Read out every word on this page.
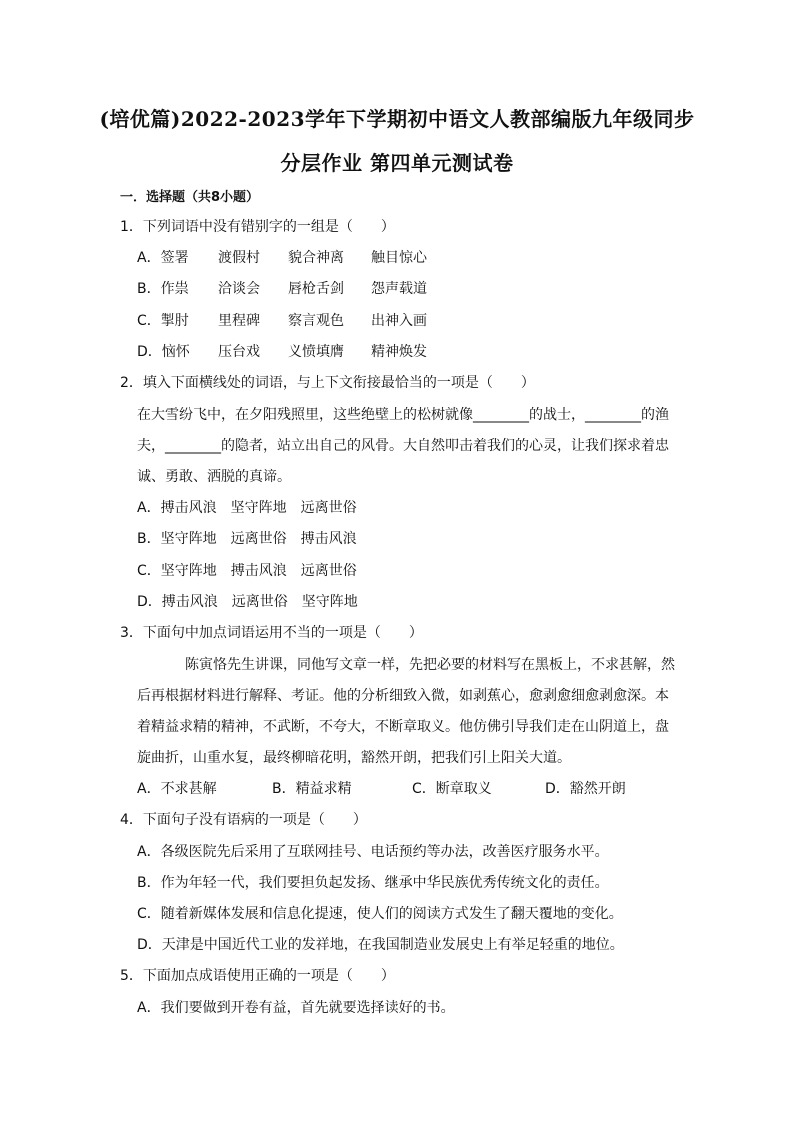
(培优篇)2022-2023学年下学期初中语文人教部编版九年级同步
分层作业 第四单元测试卷
一．选择题（共8小题）
1．下列词语中没有错别字的一组是（　　）
A．签署 渡假村 貌合神离 触目惊心
B．作祟 洽谈会 唇枪舌剑 怨声载道
C．掣肘 里程碑 察言观色 出神入画
D．恼怀 压台戏 义愤填膺 精神焕发
2．填入下面横线处的词语，与上下文衔接最恰当的一项是（　　）
在大雪纷飞中，在夕阳残照里，这些绝壁上的松树就像________的战士，________的渔
夫，________的隐者，站立出自己的风骨。大自然叩击着我们的心灵，让我们探求着忠
诚、勇敢、洒脱的真谛。
A．搏击风浪　坚守阵地　远离世俗
B．坚守阵地　远离世俗　搏击风浪
C．坚守阵地　搏击风浪　远离世俗
D．搏击风浪　远离世俗　坚守阵地
3．下面句中加点词语运用不当的一项是（　　）
陈寅恪先生讲课，同他写文章一样，先把必要的材料写在黑板上，不求甚解，然
后再根据材料进行解释、考证。他的分析细致入微，如剥蕉心，愈剥愈细愈剥愈深。本
着精益求精的精神，不武断，不夸大，不断章取义。他仿佛引导我们走在山阴道上，盘
旋曲折，山重水复，最终柳暗花明，豁然开朗，把我们引上阳关大道。
A．不求甚解	B．精益求精	C．断章取义	D．豁然开朗
4．下面句子没有语病的一项是（　　）
A．各级医院先后采用了互联网挂号、电话预约等办法，改善医疗服务水平。
B．作为年轻一代，我们要担负起发扬、继承中华民族优秀传统文化的责任。
C．随着新媒体发展和信息化提速，使人们的阅读方式发生了翻天覆地的变化。
D．天津是中国近代工业的发祥地，在我国制造业发展史上有举足轻重的地位。
5．下面加点成语使用正确的一项是（　　）
A．我们要做到开卷有益，首先就要选择读好的书。
